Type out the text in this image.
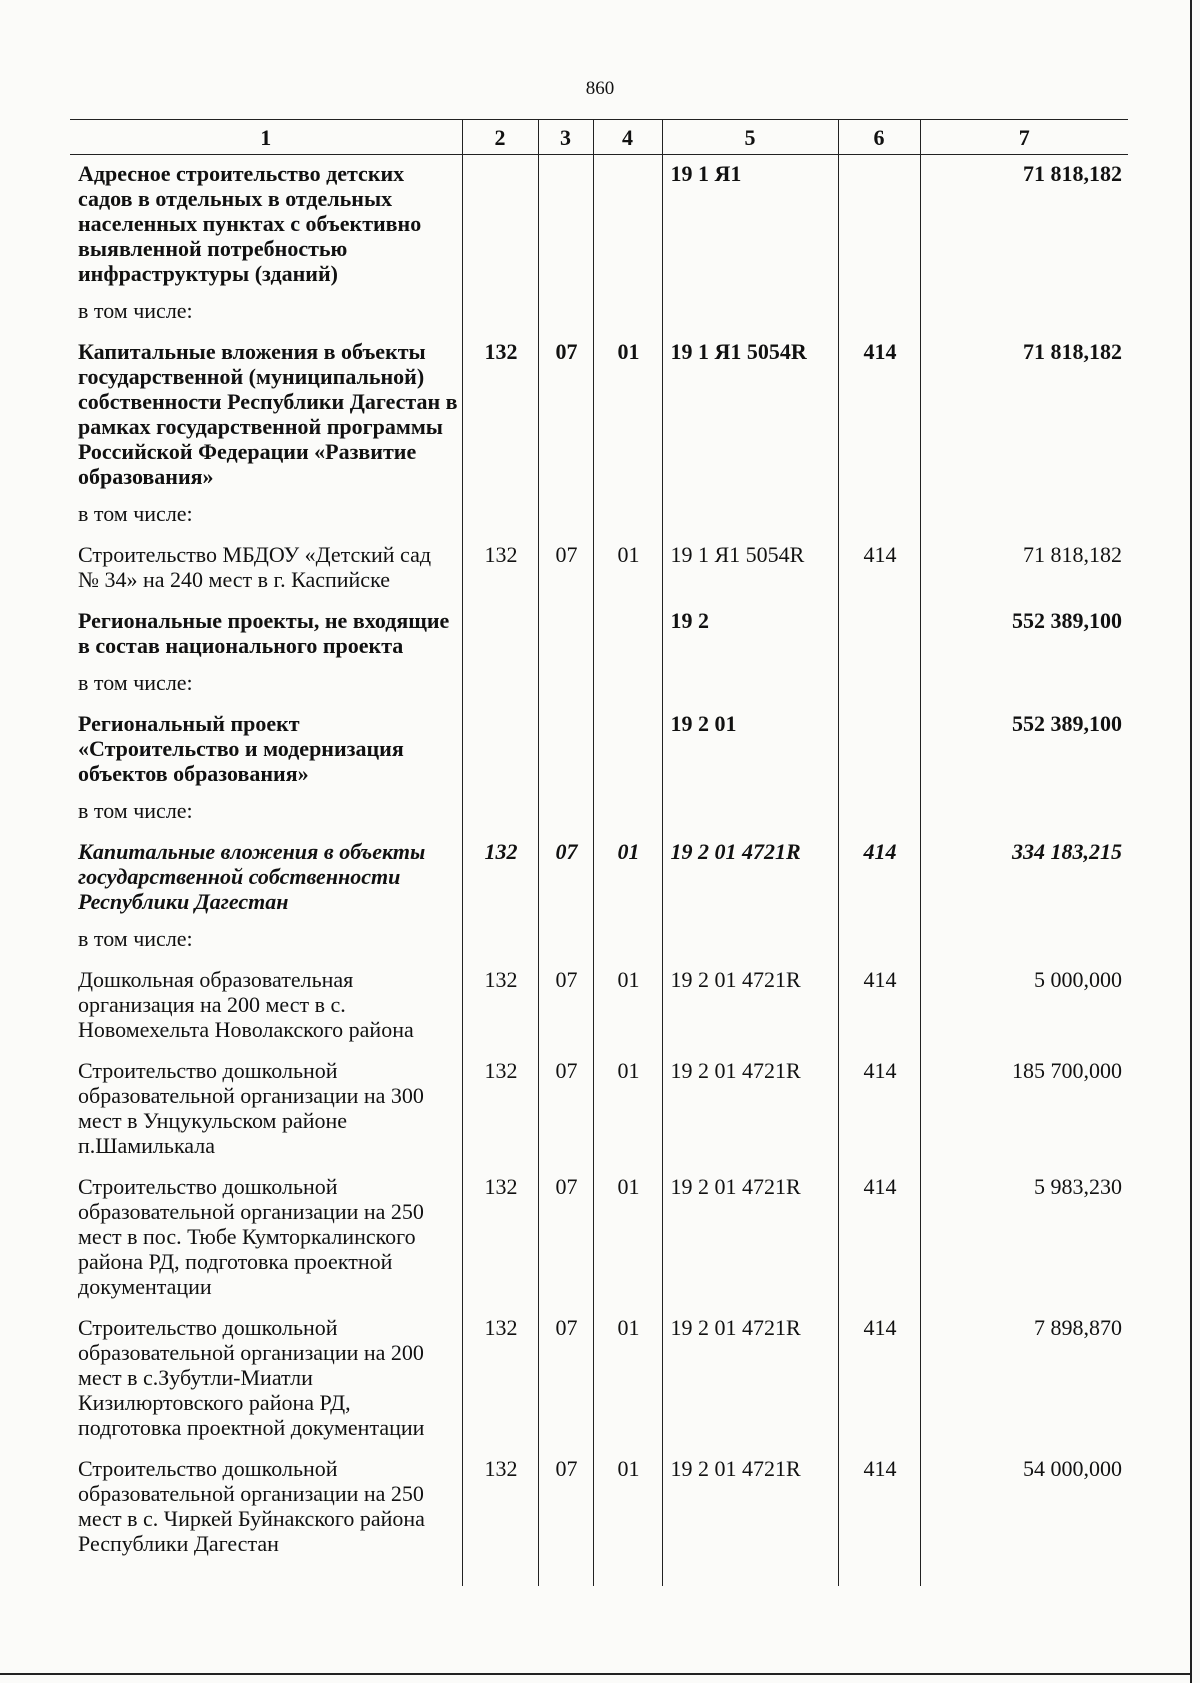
860
1	2	3	4	5	6	7
Адресное строительство детских садов в отдельных в отдельных населенных пунктах с объективно выявленной потребностью инфраструктуры (зданий)				19 1 Я1		71 818,182
в том числе:						
Капитальные вложения в объекты государственной (муниципальной) собственности Республики Дагестан в рамках государственной программы Российской Федерации «Развитие образования»	132	07	01	19 1 Я1 5054R	414	71 818,182
в том числе:						
Строительство МБДОУ «Детский сад № 34» на 240 мест в г. Каспийске	132	07	01	19 1 Я1 5054R	414	71 818,182
Региональные проекты, не входящие в состав национального проекта				19 2		552 389,100
в том числе:						
Региональный проект «Строительство и модернизация объектов образования»				19 2 01		552 389,100
в том числе:						
Капитальные вложения в объекты государственной собственности Республики Дагестан	132	07	01	19 2 01 4721R	414	334 183,215
в том числе:						
Дошкольная образовательная организация на 200 мест в с. Новомехельта Новолакского района	132	07	01	19 2 01 4721R	414	5 000,000
Строительство дошкольной образовательной организации на 300 мест в Унцукульском районе п.Шамилькала	132	07	01	19 2 01 4721R	414	185 700,000
Строительство дошкольной образовательной организации на 250 мест в пос. Тюбе Кумторкалинского района РД, подготовка проектной документации	132	07	01	19 2 01 4721R	414	5 983,230
Строительство дошкольной образовательной организации на 200 мест в с.Зубутли-Миатли Кизилюртовского района РД, подготовка проектной документации	132	07	01	19 2 01 4721R	414	7 898,870
Строительство дошкольной образовательной организации на 250 мест в с. Чиркей Буйнакского района Республики Дагестан	132	07	01	19 2 01 4721R	414	54 000,000
